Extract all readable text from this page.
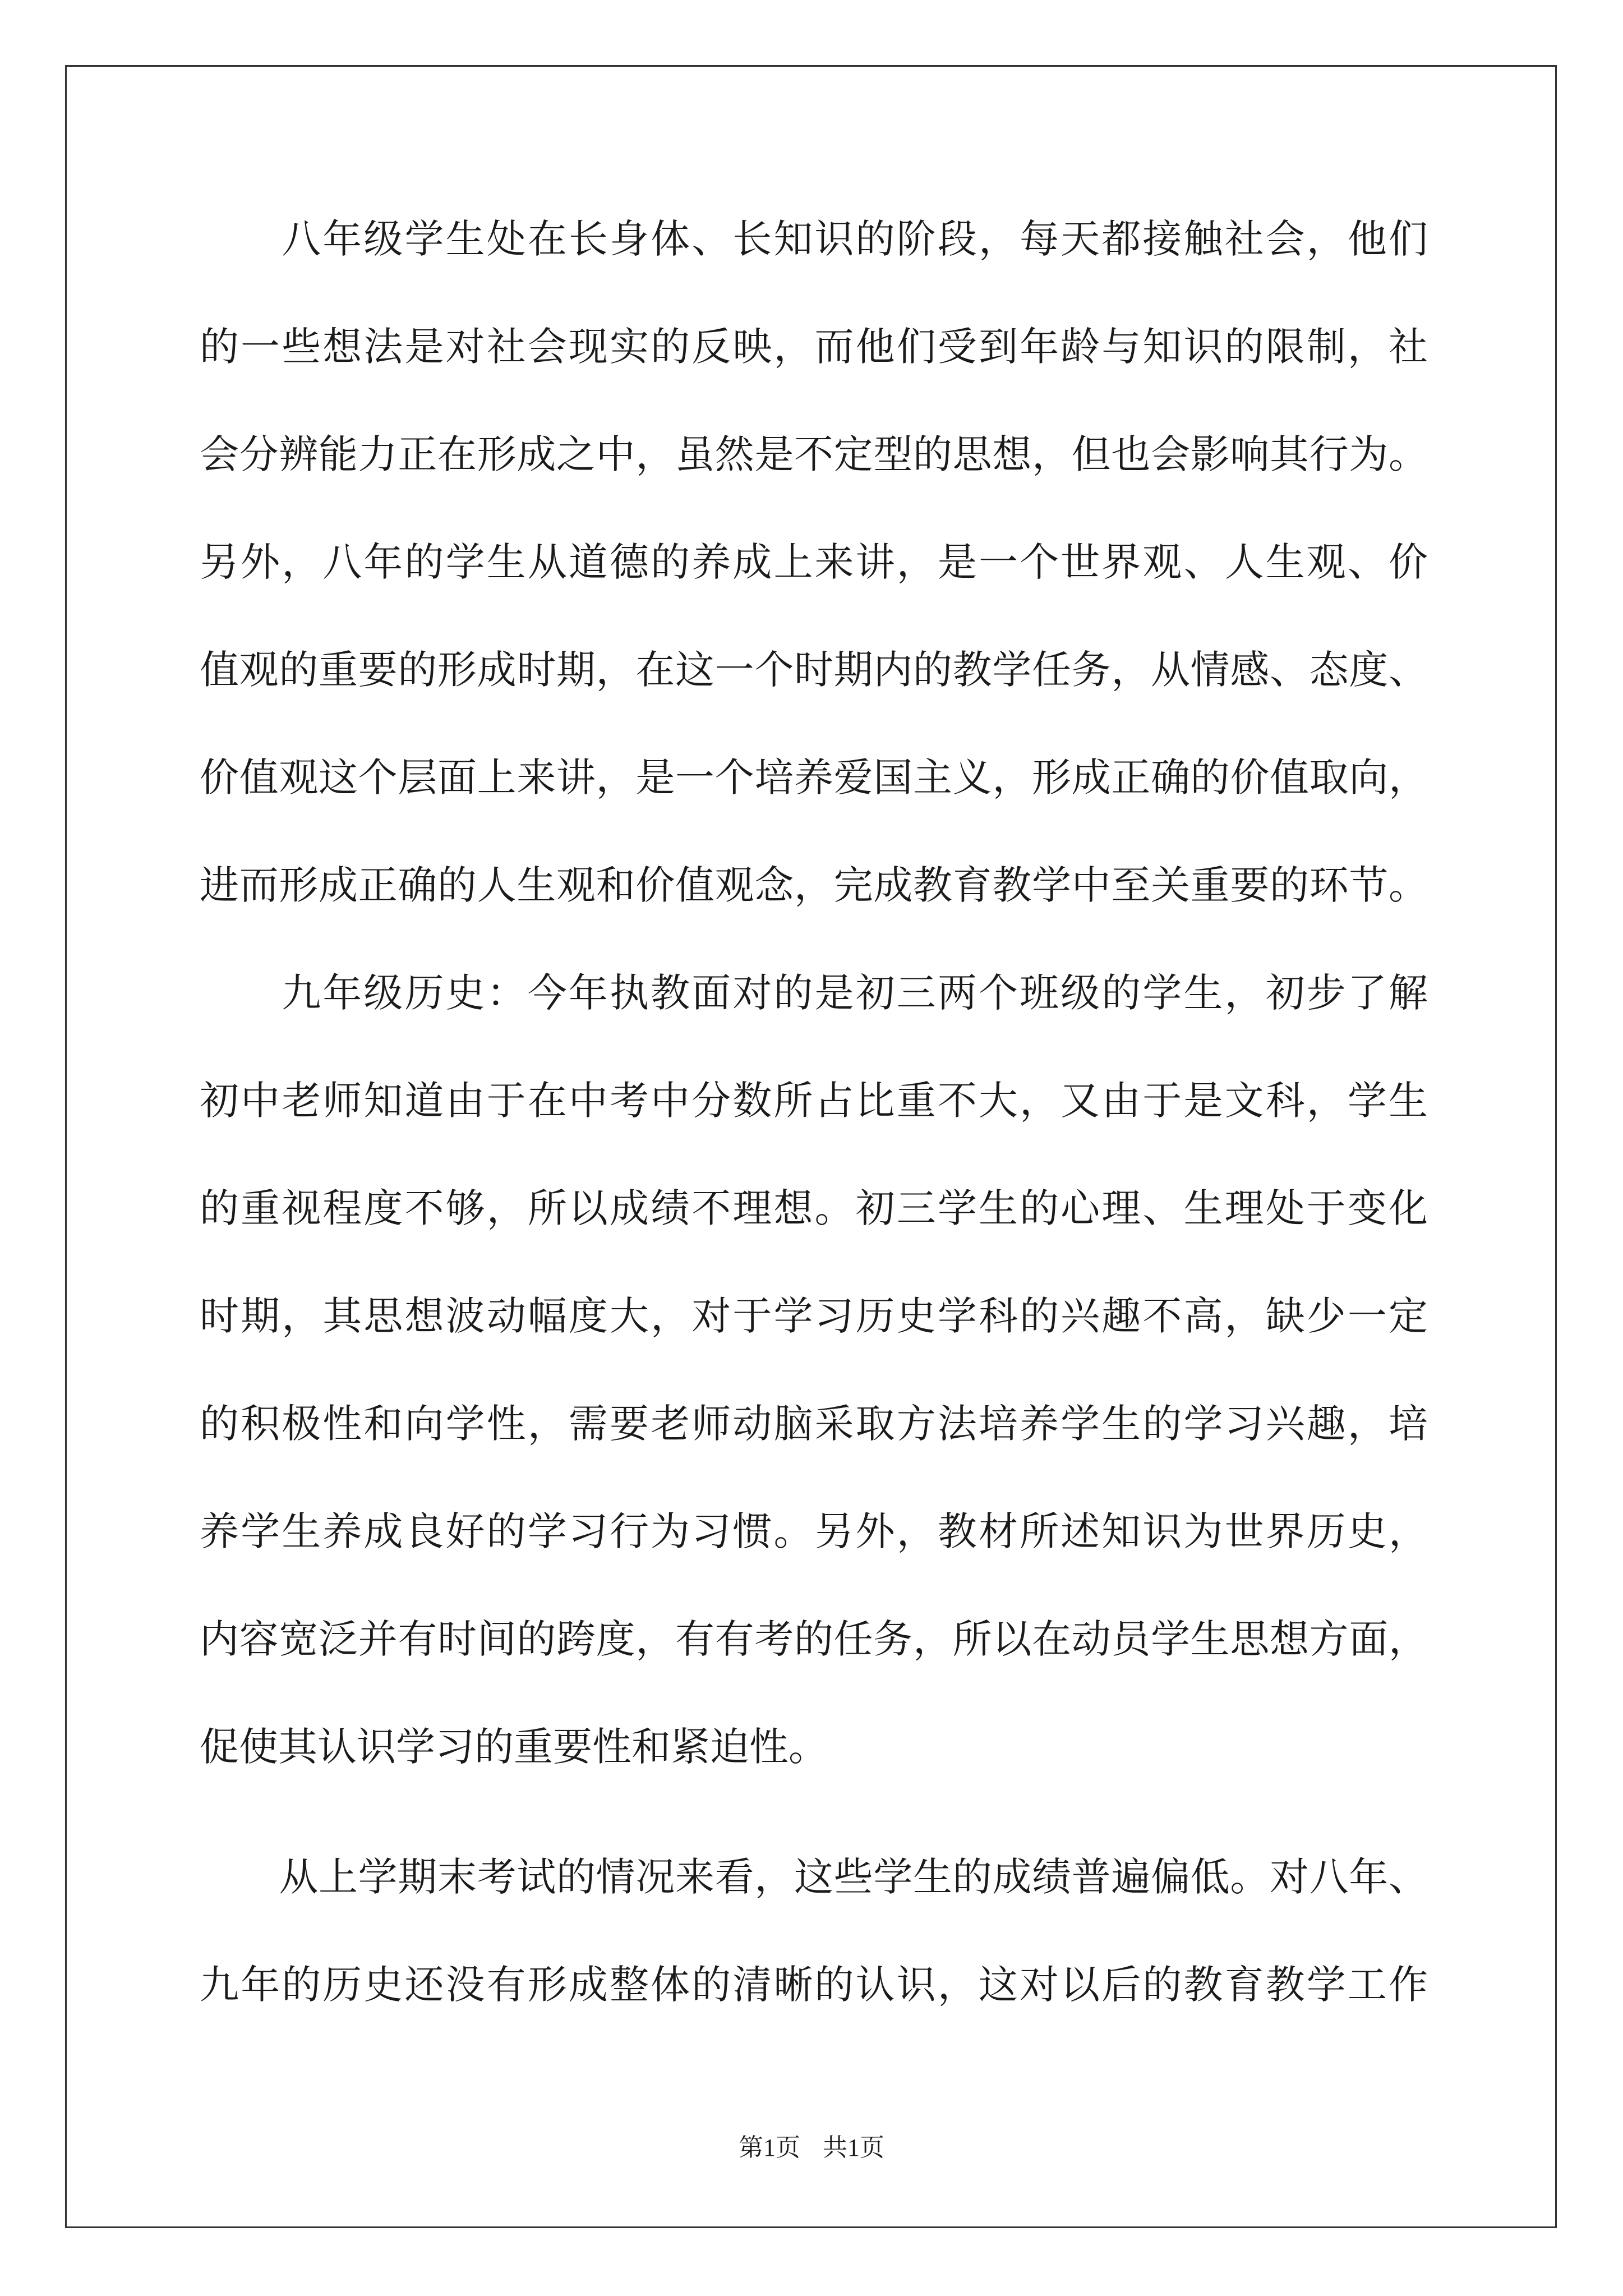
　　八年级学生处在长身体、长知识的阶段，每天都接触社会，他们
的一些想法是对社会现实的反映，而他们受到年龄与知识的限制，社
会分辨能力正在形成之中，虽然是不定型的思想，但也会影响其行为。
另外，八年的学生从道德的养成上来讲，是一个世界观、人生观、价
值观的重要的形成时期，在这一个时期内的教学任务，从情感、态度、
价值观这个层面上来讲，是一个培养爱国主义，形成正确的价值取向，
进而形成正确的人生观和价值观念，完成教育教学中至关重要的环节。
　　九年级历史：今年执教面对的是初三两个班级的学生，初步了解
初中老师知道由于在中考中分数所占比重不大，又由于是文科，学生
的重视程度不够，所以成绩不理想。初三学生的心理、生理处于变化
时期，其思想波动幅度大，对于学习历史学科的兴趣不高，缺少一定
的积极性和向学性，需要老师动脑采取方法培养学生的学习兴趣，培
养学生养成良好的学习行为习惯。另外，教材所述知识为世界历史，
内容宽泛并有时间的跨度，有有考的任务，所以在动员学生思想方面，
促使其认识学习的重要性和紧迫性。
　　从上学期末考试的情况来看，这些学生的成绩普遍偏低。对八年、
九年的历史还没有形成整体的清晰的认识，这对以后的教育教学工作
第1页 共1页
